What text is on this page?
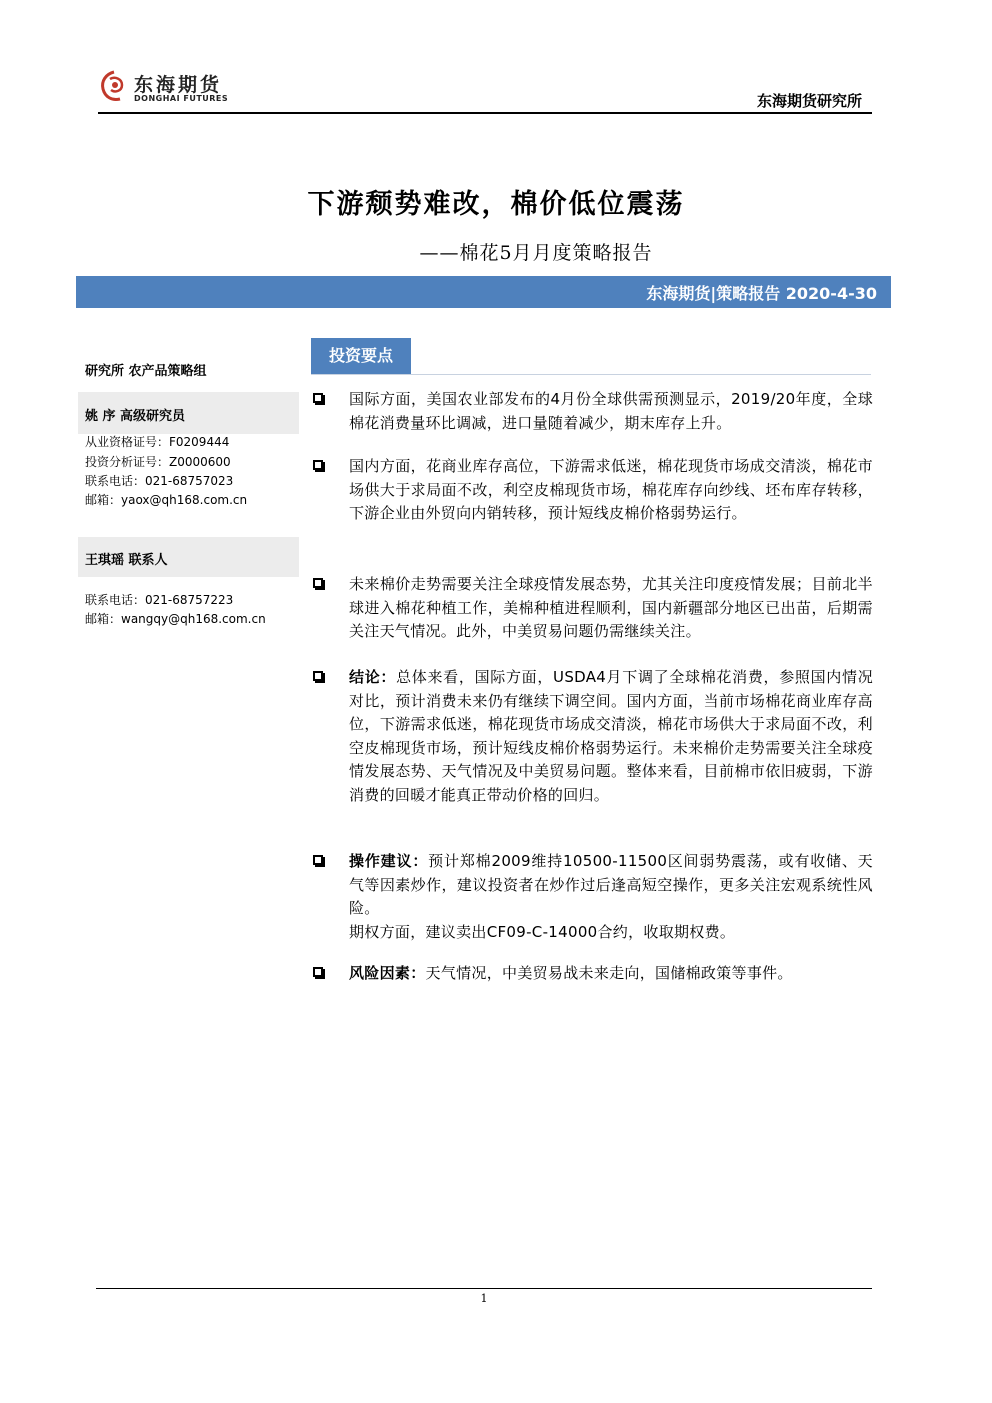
东海期货
DONGHAI FUTURES	东海期货研究所
下游颓势难改，棉价低位震荡
——棉花5月月度策略报告
东海期货|策略报告 2020-4-30
研究所 农产品策略组
姚 序 高级研究员
从业资格证号：F0209444
投资分析证号：Z0000600
联系电话：021-68757023
邮箱：yaox@qh168.com.cn
王琪瑶 联系人
联系电话：021-68757223
邮箱：wangqy@qh168.com.cn
投资要点
国际方面，美国农业部发布的4月份全球供需预测显示，2019/20年度，全球棉花消费量环比调减，进口量随着减少，期末库存上升。
国内方面，花商业库存高位，下游需求低迷，棉花现货市场成交清淡，棉花市场供大于求局面不改，利空皮棉现货市场，棉花库存向纱线、坯布库存转移，下游企业由外贸向内销转移，预计短线皮棉价格弱势运行。
未来棉价走势需要关注全球疫情发展态势，尤其关注印度疫情发展；目前北半球进入棉花种植工作，美棉种植进程顺利，国内新疆部分地区已出苗，后期需关注天气情况。此外，中美贸易问题仍需继续关注。
结论：总体来看，国际方面，USDA4月下调了全球棉花消费，参照国内情况对比，预计消费未来仍有继续下调空间。国内方面，当前市场棉花商业库存高位，下游需求低迷，棉花现货市场成交清淡，棉花市场供大于求局面不改，利空皮棉现货市场，预计短线皮棉价格弱势运行。未来棉价走势需要关注全球疫情发展态势、天气情况及中美贸易问题。整体来看，目前棉市依旧疲弱，下游消费的回暖才能真正带动价格的回归。
操作建议：预计郑棉2009维持10500-11500区间弱势震荡，或有收储、天气等因素炒作，建议投资者在炒作过后逢高短空操作，更多关注宏观系统性风险。
期权方面，建议卖出CF09-C-14000合约，收取期权费。
风险因素：天气情况，中美贸易战未来走向，国储棉政策等事件。
1
